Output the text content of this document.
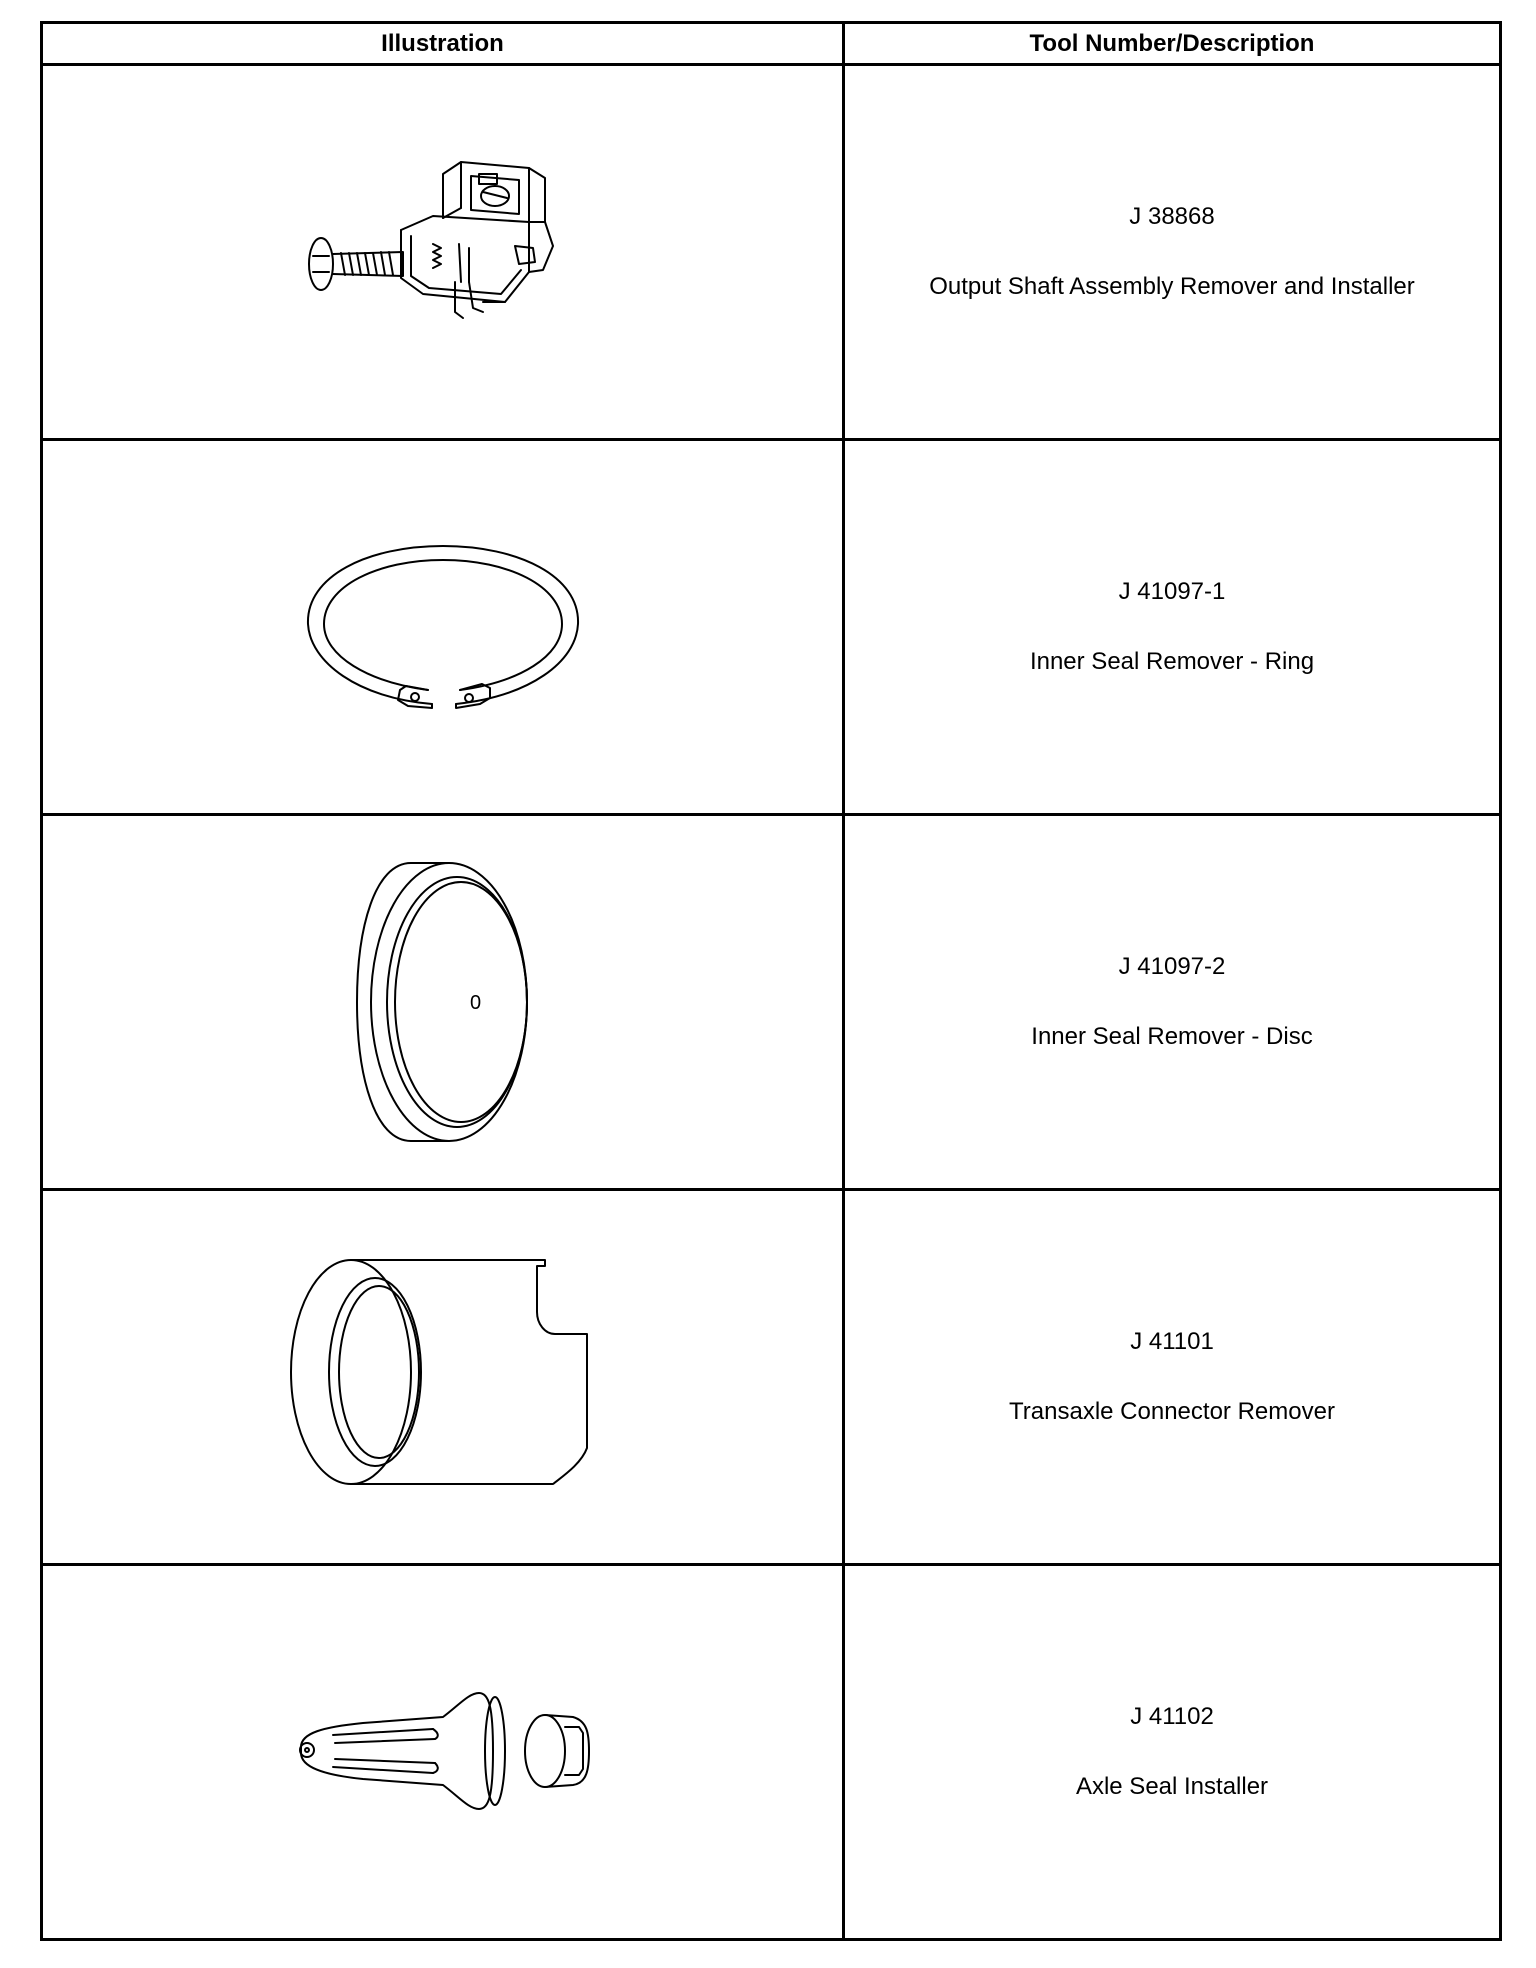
Illustration	Tool Number/Description

J 38868
Output Shaft Assembly Remover and Installer

J 41097-1
Inner Seal Remover - Ring

0	J 41097-2
Inner Seal Remover - Disc

J 41101
Transaxle Connector Remover

J 41102
Axle Seal Installer
